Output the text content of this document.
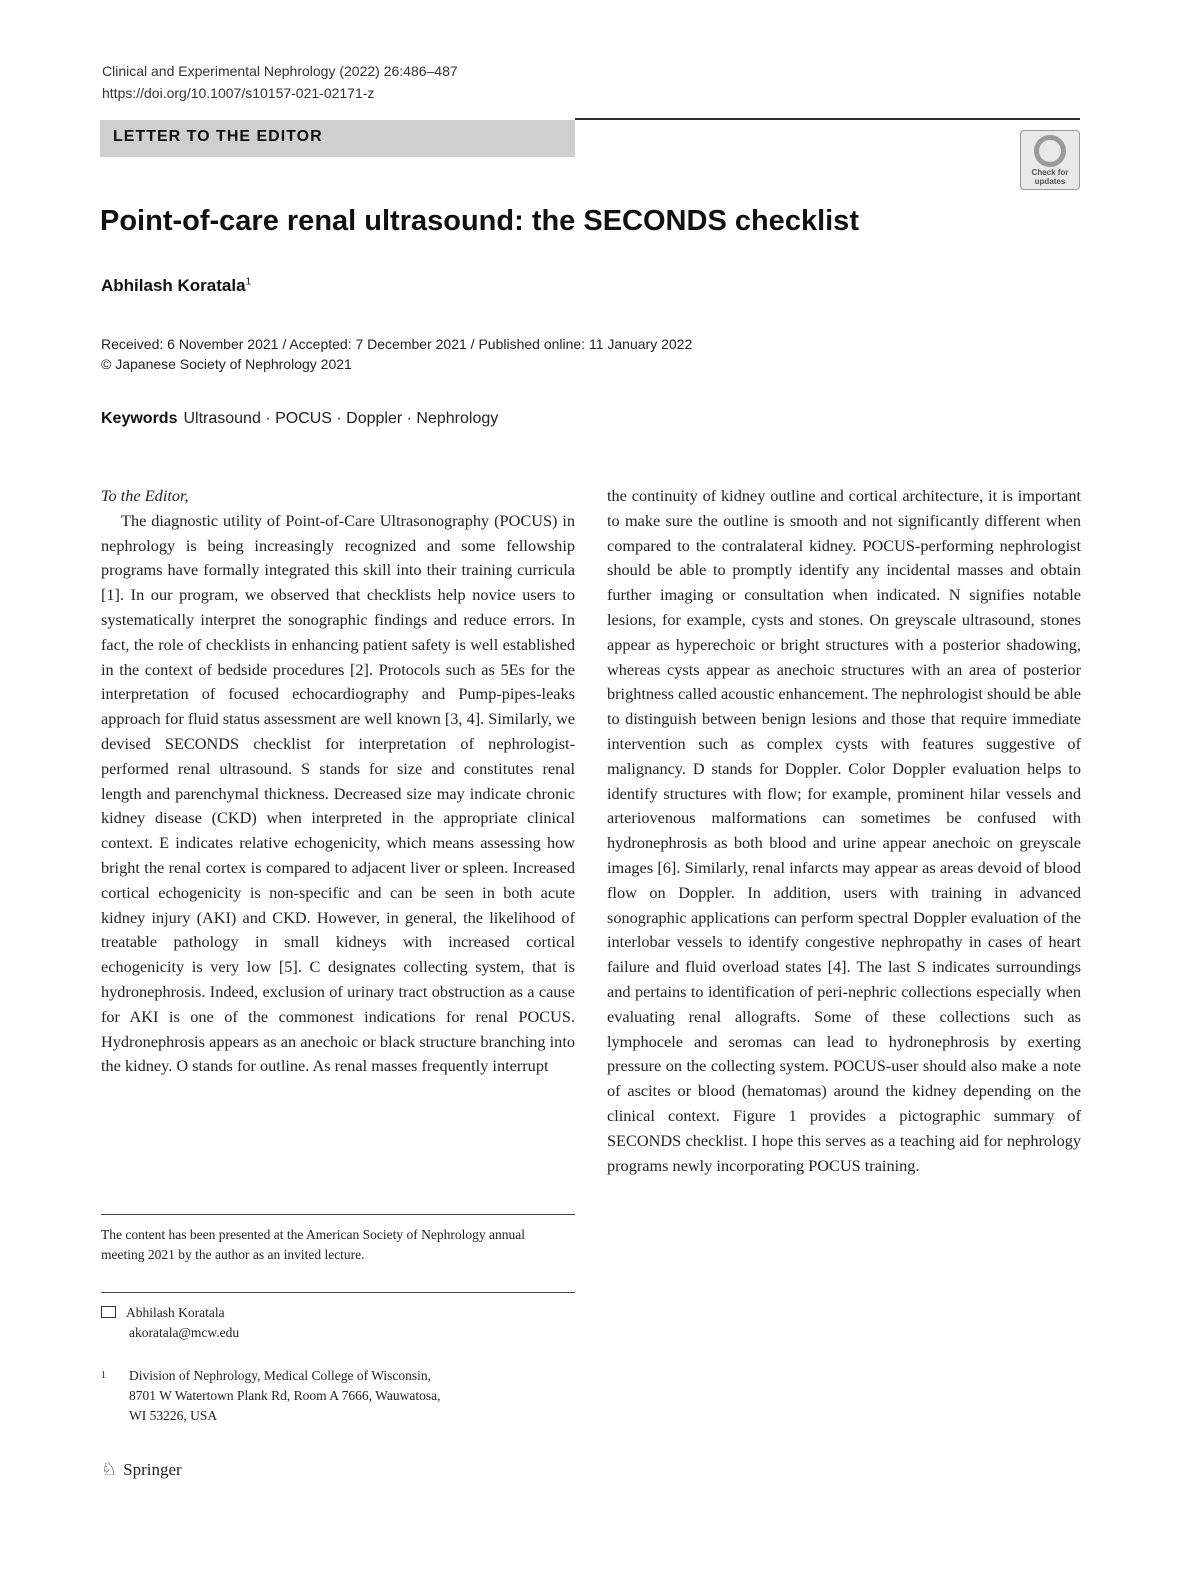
Clinical and Experimental Nephrology (2022) 26:486–487
https://doi.org/10.1007/s10157-021-02171-z
LETTER TO THE EDITOR
Check for updates
Point-of-care renal ultrasound: the SECONDS checklist
Abhilash Koratala$^1$
Received: 6 November 2021 / Accepted: 7 December 2021 / Published online: 11 January 2022
© Japanese Society of Nephrology 2021
Keywords Ultrasound · POCUS · Doppler · Nephrology

To the Editor,

The diagnostic utility of Point-of-Care Ultrasonography (POCUS) in nephrology is being increasingly recognized and some fellowship programs have formally integrated this skill into their training curricula [1]. In our program, we observed that checklists help novice users to systematically interpret the sonographic findings and reduce errors. In fact, the role of checklists in enhancing patient safety is well established in the context of bedside procedures [2]. Protocols such as 5Es for the interpretation of focused echocardiography and Pump-pipes-leaks approach for fluid status assessment are well known [3, 4]. Similarly, we devised SECONDS checklist for interpretation of nephrologist-performed renal ultrasound. S stands for size and constitutes renal length and parenchymal thickness. Decreased size may indicate chronic kidney disease (CKD) when interpreted in the appropriate clinical context. E indicates relative echogenicity, which means assessing how bright the renal cortex is compared to adjacent liver or spleen. Increased cortical echogenicity is non-specific and can be seen in both acute kidney injury (AKI) and CKD. However, in general, the likelihood of treatable pathology in small kidneys with increased cortical echogenicity is very low [5]. C designates collecting system, that is hydronephrosis. Indeed, exclusion of urinary tract obstruction as a cause for AKI is one of the commonest indications for renal POCUS. Hydronephrosis appears as an anechoic or black structure branching into the kidney. O stands for outline. As renal masses frequently interrupt

the continuity of kidney outline and cortical architecture, it is important to make sure the outline is smooth and not significantly different when compared to the contralateral kidney. POCUS-performing nephrologist should be able to promptly identify any incidental masses and obtain further imaging or consultation when indicated. N signifies notable lesions, for example, cysts and stones. On greyscale ultrasound, stones appear as hyperechoic or bright structures with a posterior shadowing, whereas cysts appear as anechoic structures with an area of posterior brightness called acoustic enhancement. The nephrologist should be able to distinguish between benign lesions and those that require immediate intervention such as complex cysts with features suggestive of malignancy. D stands for Doppler. Color Doppler evaluation helps to identify structures with flow; for example, prominent hilar vessels and arteriovenous malformations can sometimes be confused with hydronephrosis as both blood and urine appear anechoic on greyscale images [6]. Similarly, renal infarcts may appear as areas devoid of blood flow on Doppler. In addition, users with training in advanced sonographic applications can perform spectral Doppler evaluation of the interlobar vessels to identify congestive nephropathy in cases of heart failure and fluid overload states [4]. The last S indicates surroundings and pertains to identification of peri-nephric collections especially when evaluating renal allografts. Some of these collections such as lymphocele and seromas can lead to hydronephrosis by exerting pressure on the collecting system. POCUS-user should also make a note of ascites or blood (hematomas) around the kidney depending on the clinical context. Figure 1 provides a pictographic summary of SECONDS checklist. I hope this serves as a teaching aid for nephrology programs newly incorporating POCUS training.

The content has been presented at the American Society of Nephrology annual meeting 2021 by the author as an invited lecture.
Abhilash Koratala
akoratala@mcw.edu
1 Division of Nephrology, Medical College of Wisconsin,
8701 W Watertown Plank Rd, Room A 7666, Wauwatosa,
WI 53226, USA
♘ Springer
